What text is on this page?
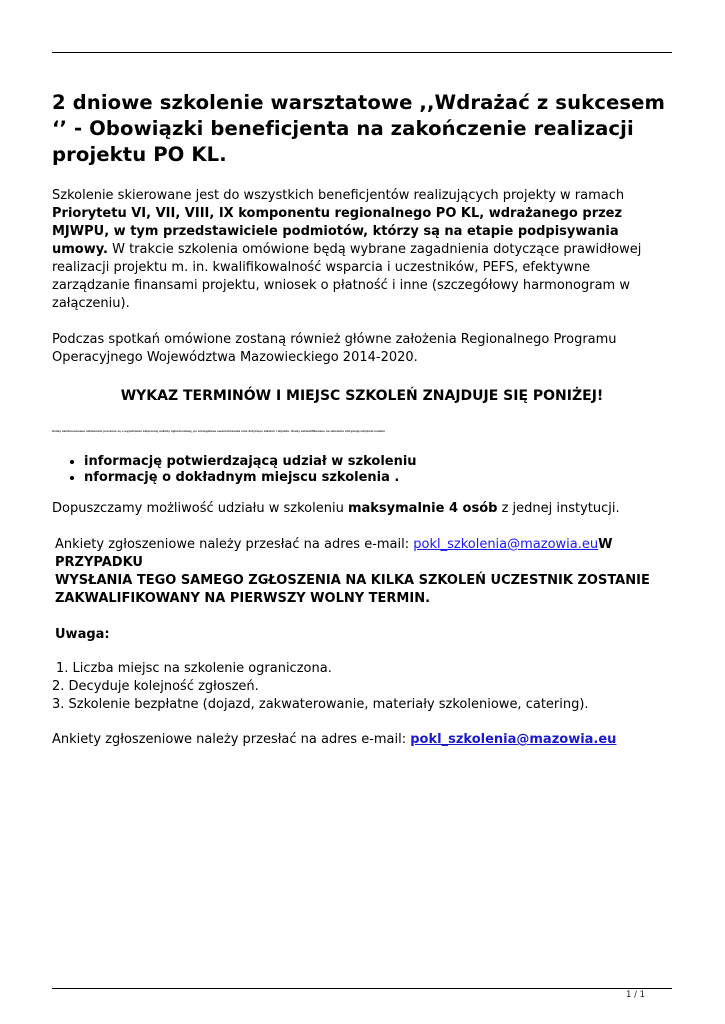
2 dniowe szkolenie warsztatowe ,,Wdrażać z sukcesem ‘’ - Obowiązki beneficjenta na zakończenie realizacji projektu PO KL.

Szkolenie skierowane jest do wszystkich beneficjentów realizujących projekty w ramach Priorytetu VI, VII, VIII, IX komponentu regionalnego PO KL, wdrażanego przez MJWPU, w tym przedstawiciele podmiotów, którzy są na etapie podpisywania umowy. W trakcie szkolenia omówione będą wybrane zagadnienia dotyczące prawidłowej realizacji projektu m. in. kwalifikowalność wsparcia i uczestników, PEFS, efektywne zarządzanie finansami projektu, wniosek o płatność i inne (szczegółowy harmonogram w załączeniu).

Podczas spotkań omówione zostaną również główne założenia Regionalnego Programu Operacyjnego Województwa Mazowieckiego 2014-2020.

WYKAZ TERMINÓW I MIEJSC SZKOLEŃ ZNAJDUJE SIĘ PONIŻEJ!
Osoby zainteresowane szkoleniem proszone są o wypełnienie załączonej ankiety zgłoszeniowej, po szczegółowe uwarunkowania oraz dotyczące szkoleń i dojazdu. Osoby zakwalifikowane na szkolenie otrzymają odrębnie mailem
• informację potwierdzającą udział w szkoleniu
• nformację o dokładnym miejscu szkolenia .

Dopuszczamy możliwość udziału w szkoleniu maksymalnie 4 osób z jednej instytucji.

Ankiety zgłoszeniowe należy przesłać na adres e-mail: pokl_szkolenia@mazowia.euW PRZYPADKU
WYSŁANIA TEGO SAMEGO ZGŁOSZENIA NA KILKA SZKOLEŃ UCZESTNIK ZOSTANIE ZAKWALIFIKOWANY NA PIERWSZY WOLNY TERMIN.

Uwaga:

1. Liczba miejsc na szkolenie ograniczona.

2. Decyduje kolejność zgłoszeń.

3. Szkolenie bezpłatne (dojazd, zakwaterowanie, materiały szkoleniowe, catering).

Ankiety zgłoszeniowe należy przesłać na adres e-mail: pokl_szkolenia@mazowia.eu

1 / 1
